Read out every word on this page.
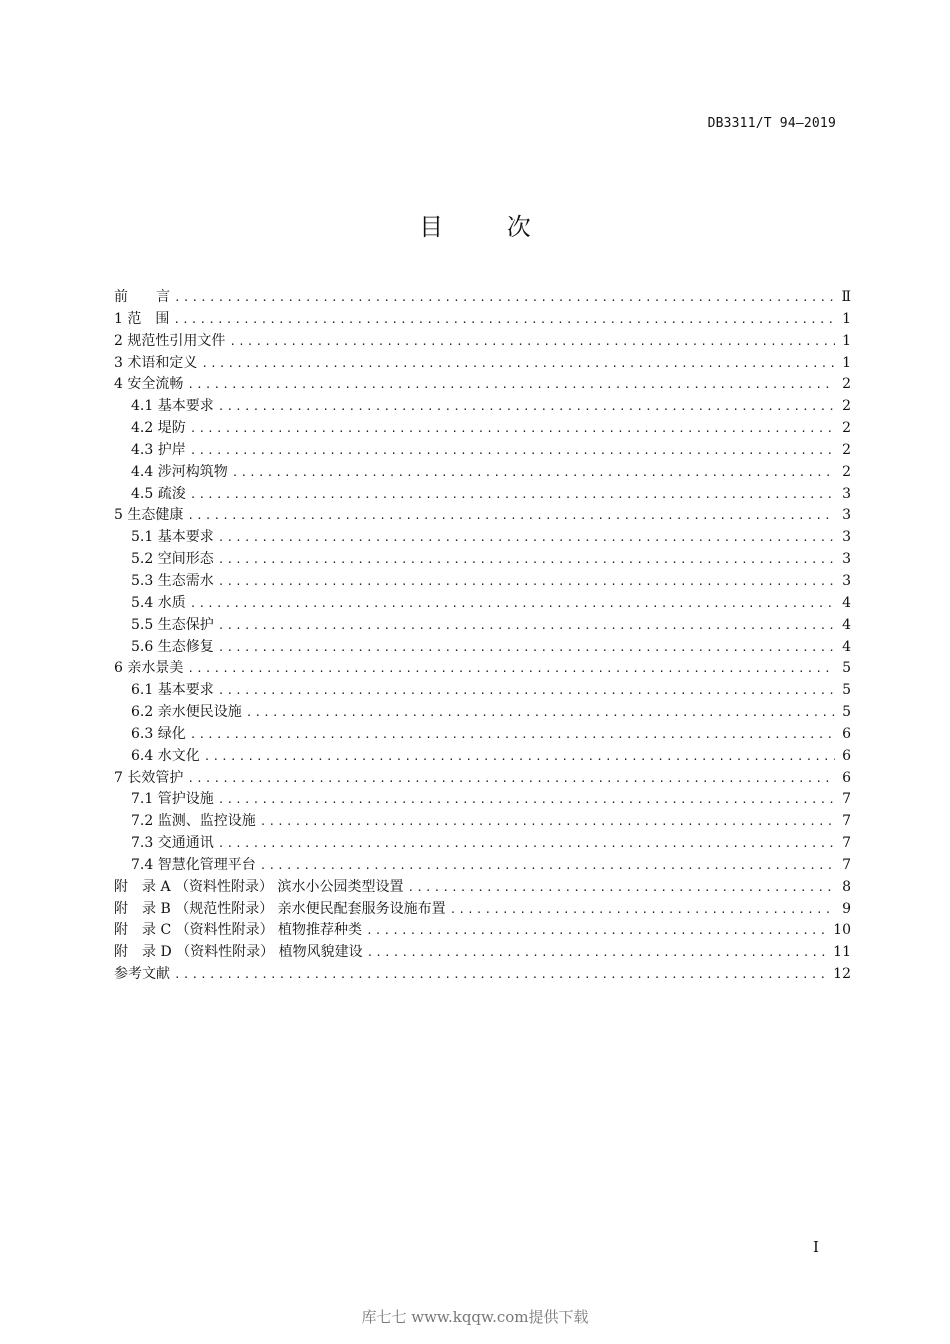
DB3311/T 94—2019
目 次
前　　言 .....	Ⅱ
1 范　围 .....	1
2 规范性引用文件 .....	1
3 术语和定义 .....	1
4 安全流畅 .....	2
4.1 基本要求 .....	2
4.2 堤防 .....	2
4.3 护岸 .....	2
4.4 涉河构筑物 .....	2
4.5 疏浚 .....	3
5 生态健康 .....	3
5.1 基本要求 .....	3
5.2 空间形态 .....	3
5.3 生态需水 .....	3
5.4 水质 .....	4
5.5 生态保护 .....	4
5.6 生态修复 .....	4
6 亲水景美 .....	5
6.1 基本要求 .....	5
6.2 亲水便民设施 .....	5
6.3 绿化 .....	6
6.4 水文化 .....	6
7 长效管护 .....	6
7.1 管护设施 .....	7
7.2 监测、监控设施 .....	7
7.3 交通通讯 .....	7
7.4 智慧化管理平台 .....	7
附　录 A （资料性附录） 滨水小公园类型设置 .....	8
附　录 B （规范性附录） 亲水便民配套服务设施布置 .....	9
附　录 C （资料性附录） 植物推荐种类 .....	10
附　录 D （资料性附录） 植物风貌建设 .....	11
参考文献 .....	12
I
库七七 www.kqqw.com提供下载
